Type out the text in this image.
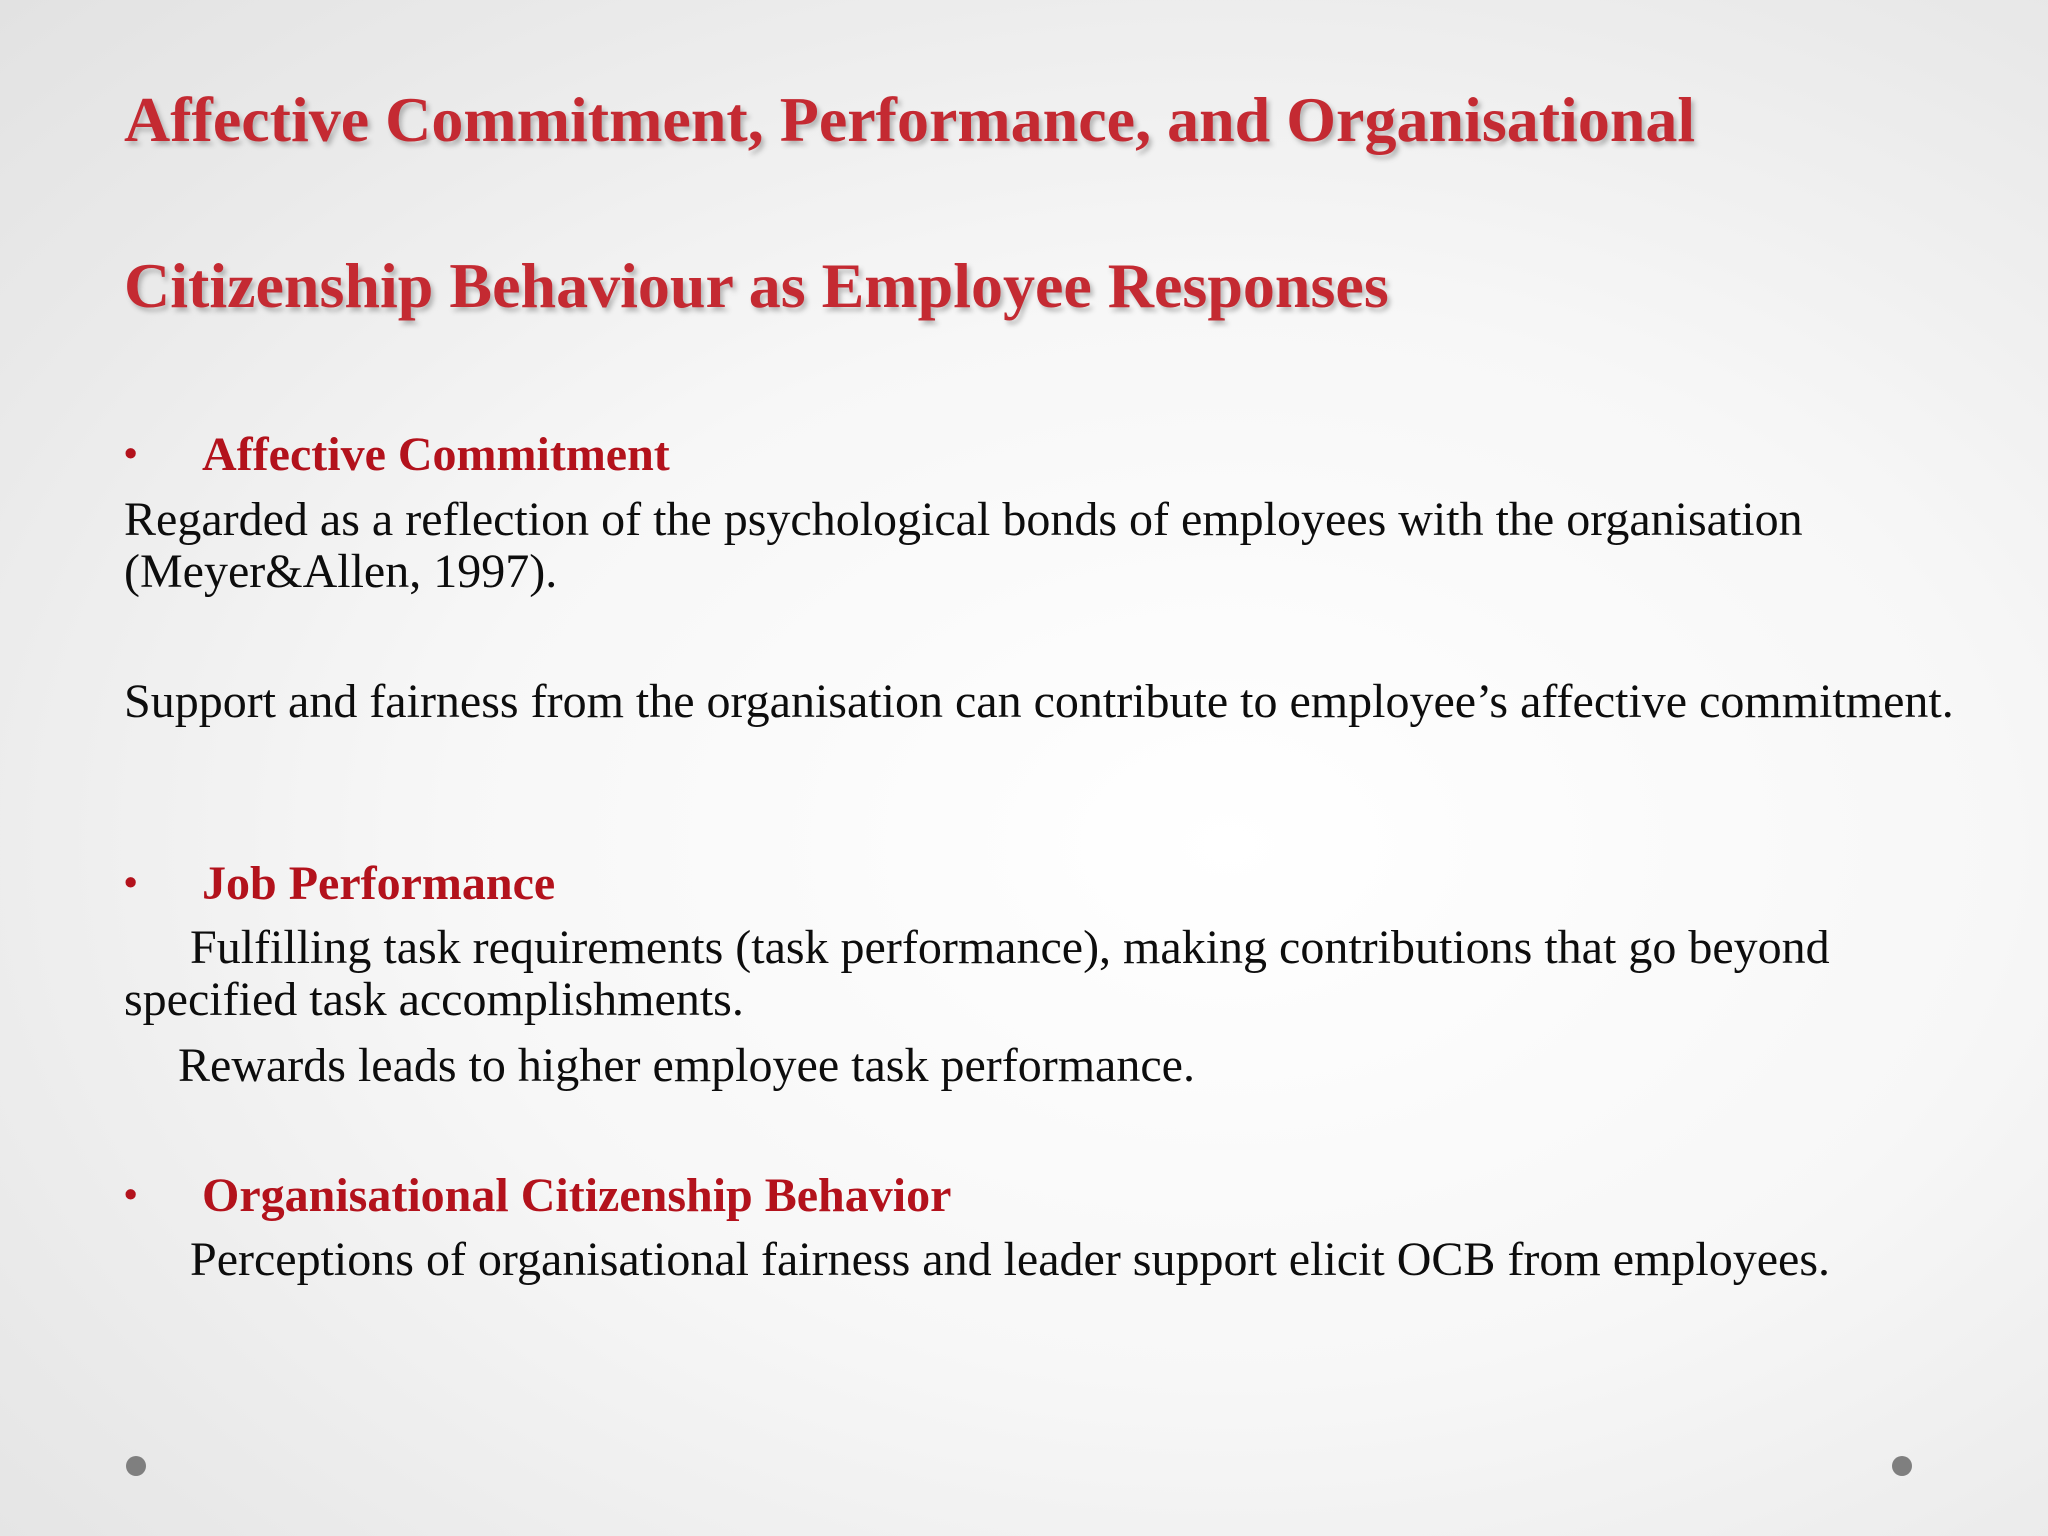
Affective Commitment, Performance, and Organisational
Citizenship Behaviour as Employee Responses
• Affective Commitment
Regarded as a reflection of the psychological bonds of employees with the organisation (Meyer&Allen, 1997).
Support and fairness from the organisation can contribute to employee’s affective commitment.
• Job Performance
Fulfilling task requirements (task performance), making contributions that go beyond specified task accomplishments.
Rewards leads to higher employee task performance.
• Organisational Citizenship Behavior
Perceptions of organisational fairness and leader support elicit OCB from employees.
